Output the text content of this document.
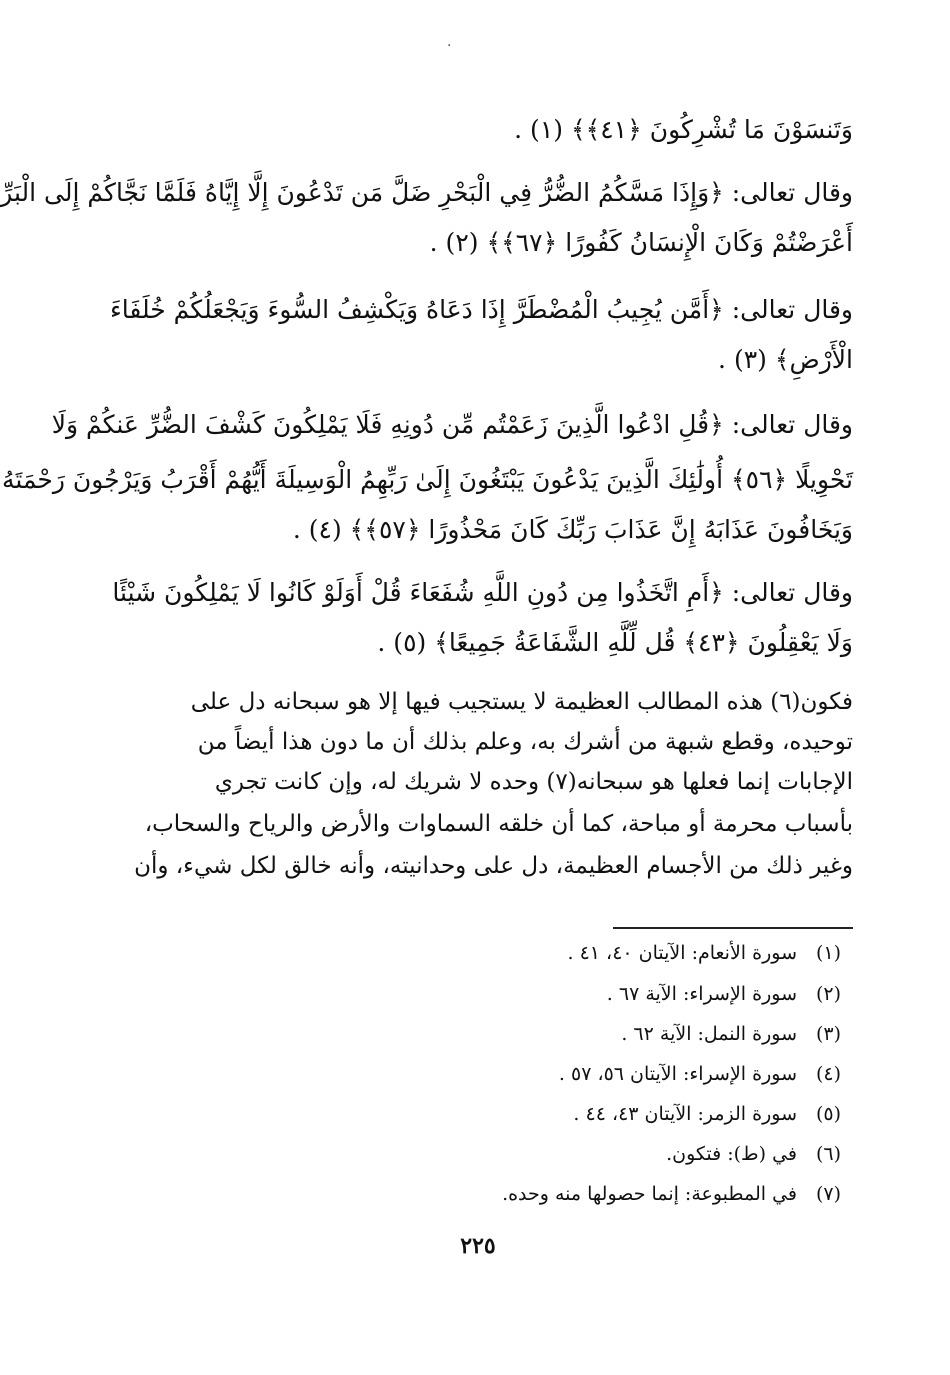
·
وَتَنسَوْنَ مَا تُشْرِكُونَ ﴿٤١﴾﴾ (١) .
وقال تعالى: ﴿وَإِذَا مَسَّكُمُ الضُّرُّ فِي الْبَحْرِ ضَلَّ مَن تَدْعُونَ إِلَّا إِيَّاهُ فَلَمَّا نَجَّاكُمْ إِلَى الْبَرِّ
أَعْرَضْتُمْ وَكَانَ الْإِنسَانُ كَفُورًا ﴿٦٧﴾﴾ (٢) .
وقال تعالى: ﴿أَمَّن يُجِيبُ الْمُضْطَرَّ إِذَا دَعَاهُ وَيَكْشِفُ السُّوءَ وَيَجْعَلُكُمْ خُلَفَاءَ
الْأَرْضِ﴾ (٣) .
وقال تعالى: ﴿قُلِ ادْعُوا الَّذِينَ زَعَمْتُم مِّن دُونِهِ فَلَا يَمْلِكُونَ كَشْفَ الضُّرِّ عَنكُمْ وَلَا
تَحْوِيلًا ﴿٥٦﴾ أُولَٰئِكَ الَّذِينَ يَدْعُونَ يَبْتَغُونَ إِلَىٰ رَبِّهِمُ الْوَسِيلَةَ أَيُّهُمْ أَقْرَبُ وَيَرْجُونَ رَحْمَتَهُ
وَيَخَافُونَ عَذَابَهُ إِنَّ عَذَابَ رَبِّكَ كَانَ مَحْذُورًا ﴿٥٧﴾﴾ (٤) .
وقال تعالى: ﴿أَمِ اتَّخَذُوا مِن دُونِ اللَّهِ شُفَعَاءَ قُلْ أَوَلَوْ كَانُوا لَا يَمْلِكُونَ شَيْئًا
وَلَا يَعْقِلُونَ ﴿٤٣﴾ قُل لِّلَّهِ الشَّفَاعَةُ جَمِيعًا﴾ (٥) .
فكون(٦) هذه المطالب العظيمة لا يستجيب فيها إلا هو سبحانه دل على
توحيده، وقطع شبهة من أشرك به، وعلم بذلك أن ما دون هذا أيضاً من
الإجابات إنما فعلها هو سبحانه(٧) وحده لا شريك له، وإن كانت تجري
بأسباب محرمة أو مباحة، كما أن خلقه السماوات والأرض والرياح والسحاب،
وغير ذلك من الأجسام العظيمة، دل على وحدانيته، وأنه خالق لكل شيء، وأن
(١)سورة الأنعام: الآيتان ٤٠، ٤١ .
(٢)سورة الإسراء: الآية ٦٧ .
(٣)سورة النمل: الآية ٦٢ .
(٤)سورة الإسراء: الآيتان ٥٦، ٥٧ .
(٥)سورة الزمر: الآيتان ٤٣، ٤٤ .
(٦)في (ط): فتكون.
(٧)في المطبوعة: إنما حصولها منه وحده.
٢٢٥
